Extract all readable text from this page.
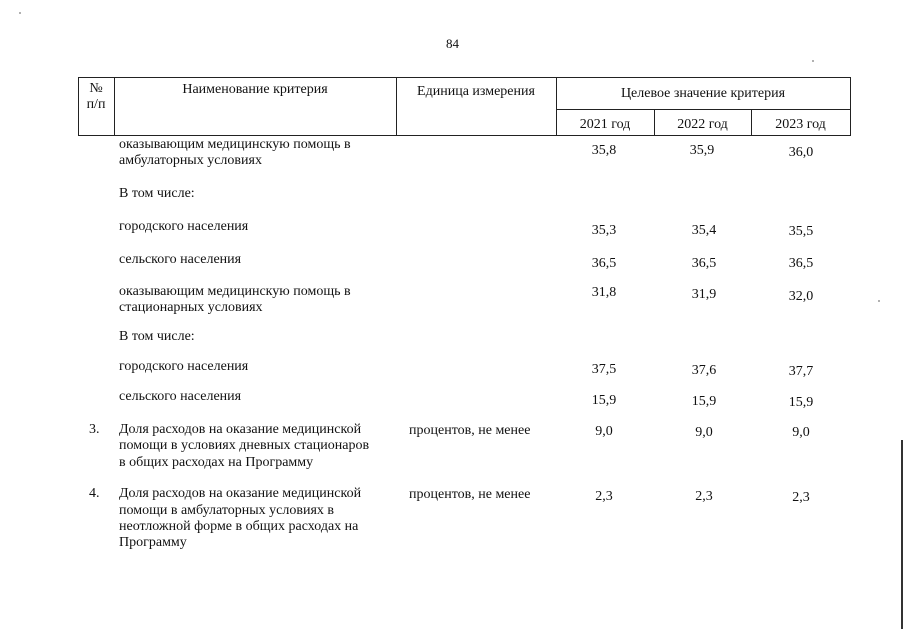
84
№
п/п
Наименование критерия	Единица измерения	Целевое значение критерия
2021 год	2022 год	2023 год
оказывающим медицинскую помощь в
амбулаторных условиях
35,8	35,9	36,0
В том числе:
городского населения	35,3	35,4	35,5
сельского населения	36,5	36,5	36,5
оказывающим медицинскую помощь в
стационарных условиях
31,8	31,9	32,0
В том числе:
городского населения	37,5	37,6	37,7
сельского населения	15,9	15,9	15,9
3. Доля расходов на оказание медицинской
помощи в условиях дневных стационаров
в общих расходах на Программу
процентов, не менее	9,0	9,0	9,0
4. Доля расходов на оказание медицинской
помощи в амбулаторных условиях в
неотложной форме в общих расходах на
Программу
процентов, не менее	2,3	2,3	2,3
